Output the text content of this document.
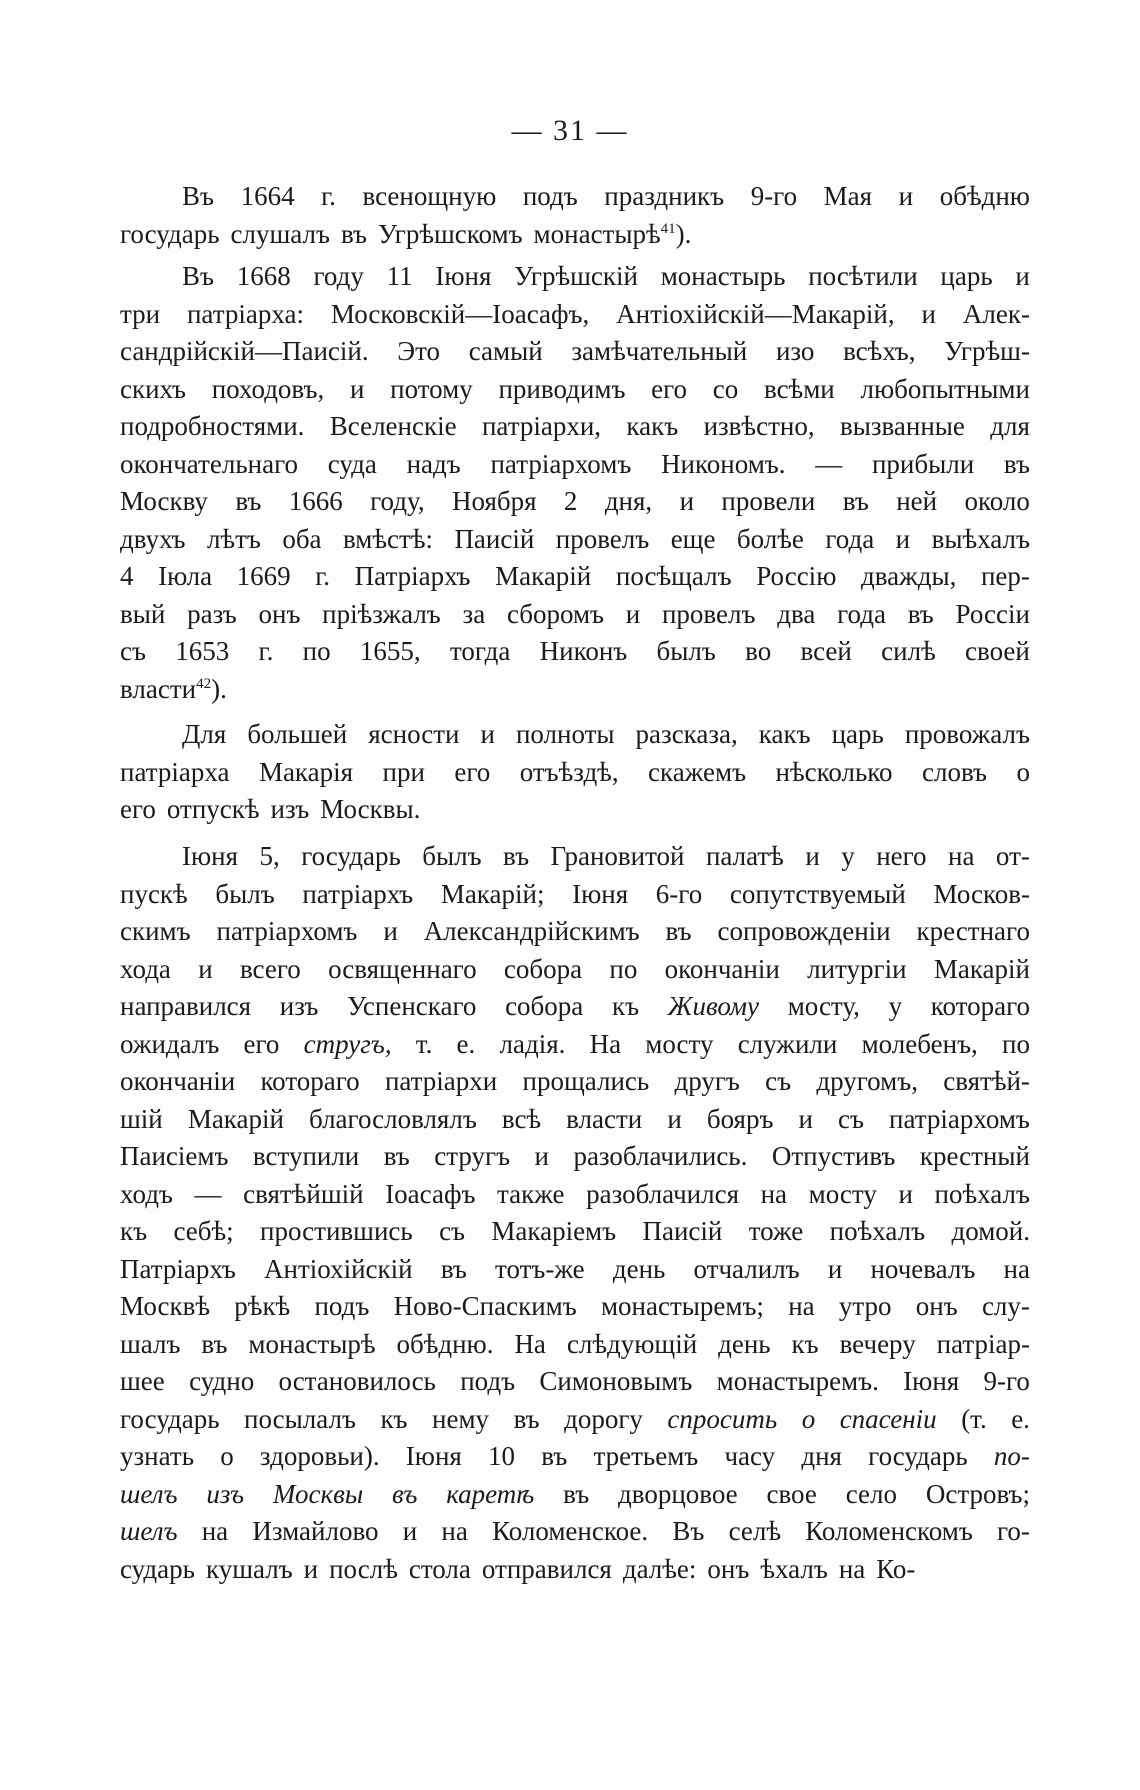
— 31 —
Въ 1664 г. всенощную подъ праздникъ 9-го Мая и обѣдню
государь слушалъ въ Угрѣшскомъ монастырѣ$^{41}$).
Въ 1668 году 11 Іюня Угрѣшскій монастырь посѣтили царь и
три патріарха: Московскій—Іоасафъ, Антіохійскій—Макарій, и Алек-
сандрійскій—Паисій. Это самый замѣчательный изо всѣхъ, Угрѣш-
скихъ походовъ, и потому приводимъ его со всѣми любопытными
подробностями. Вселенскіе патріархи, какъ извѣстно, вызванные для
окончательнаго суда надъ патріархомъ Никономъ. — прибыли въ
Москву въ 1666 году, Ноября 2 дня, и провели въ ней около
двухъ лѣтъ оба вмѣстѣ: Паисій провелъ еще болѣе года и выѣхалъ
4 Іюла 1669 г. Патріархъ Макарій посѣщалъ Россію дважды, пер-
вый разъ онъ пріѣзжалъ за сборомъ и провелъ два года въ Россіи
съ 1653 г. по 1655, тогда Никонъ былъ во всей силѣ своей
власти$^{42}$).
Для большей ясности и полноты разсказа, какъ царь провожалъ
патріарха Макарія при его отъѣздѣ, скажемъ нѣсколько словъ о
его отпускѣ изъ Москвы.
Іюня 5, государь былъ въ Грановитой палатѣ и у него на от-
пускѣ былъ патріархъ Макарій; Іюня 6-го сопутствуемый Москов-
скимъ патріархомъ и Александрійскимъ въ сопровожденіи крестнаго
хода и всего освященнаго собора по окончаніи литургіи Макарій
направился изъ Успенскаго собора къ Живому мосту, у котораго
ожидалъ его стругъ, т. е. ладія. На мосту служили молебенъ, по
окончаніи котораго патріархи прощались другъ съ другомъ, святѣй-
шій Макарій благословлялъ всѣ власти и бояръ и съ патріархомъ
Паисіемъ вступили въ стругъ и разоблачились. Отпустивъ крестный
ходъ — святѣйшій Іоасафъ также разоблачился на мосту и поѣхалъ
къ себѣ; простившись съ Макаріемъ Паисій тоже поѣхалъ домой.
Патріархъ Антіохійскій въ тотъ-же день отчалилъ и ночевалъ на
Москвѣ рѣкѣ подъ Ново-Спаскимъ монастыремъ; на утро онъ слу-
шалъ въ монастырѣ обѣдню. На слѣдующій день къ вечеру патріар-
шее судно остановилось подъ Симоновымъ монастыремъ. Іюня 9-го
государь посылалъ къ нему въ дорогу спросить о спасеніи (т. е.
узнать о здоровьи). Іюня 10 въ третьемъ часу дня государь по-
шелъ изъ Москвы въ каретѣ въ дворцовое свое село Островъ;
шелъ на Измайлово и на Коломенское. Въ селѣ Коломенскомъ го-
сударь кушалъ и послѣ стола отправился далѣе: онъ ѣхалъ на Ко-
